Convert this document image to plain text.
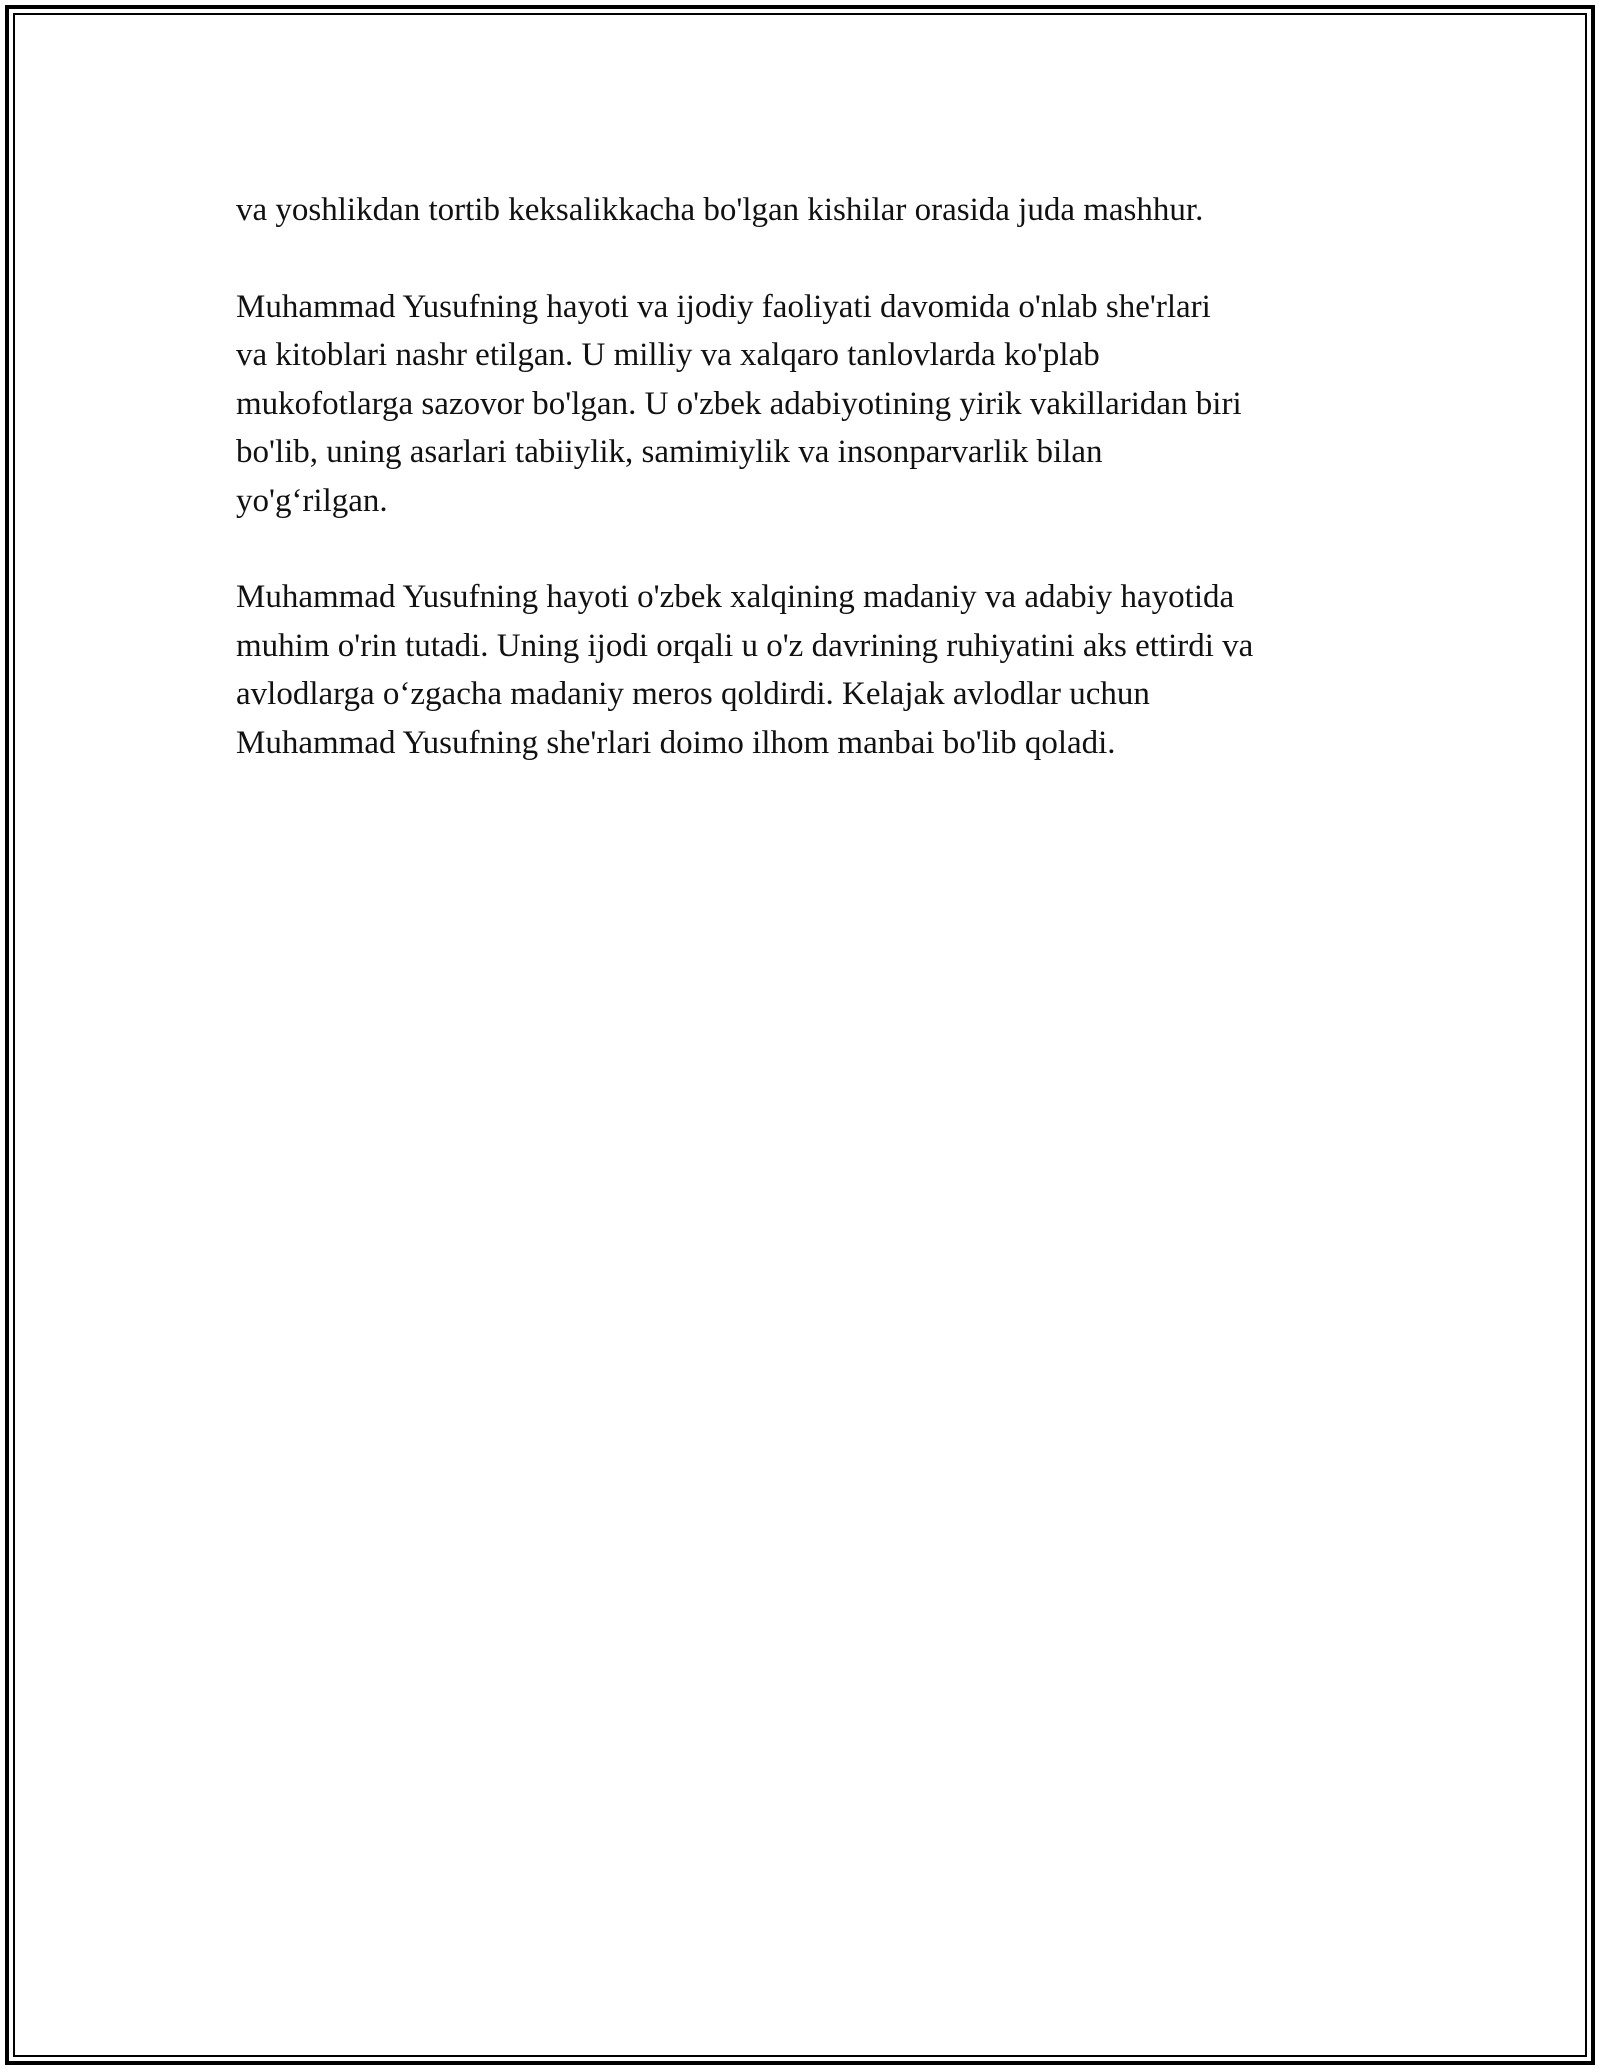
va yoshlikdan tortib keksalikkacha bo'lgan kishilar orasida juda mashhur.

Muhammad Yusufning hayoti va ijodiy faoliyati davomida o'nlab she'rlari
va kitoblari nashr etilgan. U milliy va xalqaro tanlovlarda ko'plab
mukofotlarga sazovor bo'lgan. U o'zbek adabiyotining yirik vakillaridan biri
bo'lib, uning asarlari tabiiylik, samimiylik va insonparvarlik bilan
yo'g‘rilgan.

Muhammad Yusufning hayoti o'zbek xalqining madaniy va adabiy hayotida
muhim o'rin tutadi. Uning ijodi orqali u o'z davrining ruhiyatini aks ettirdi va
avlodlarga o‘zgacha madaniy meros qoldirdi. Kelajak avlodlar uchun
Muhammad Yusufning she'rlari doimo ilhom manbai bo'lib qoladi.
